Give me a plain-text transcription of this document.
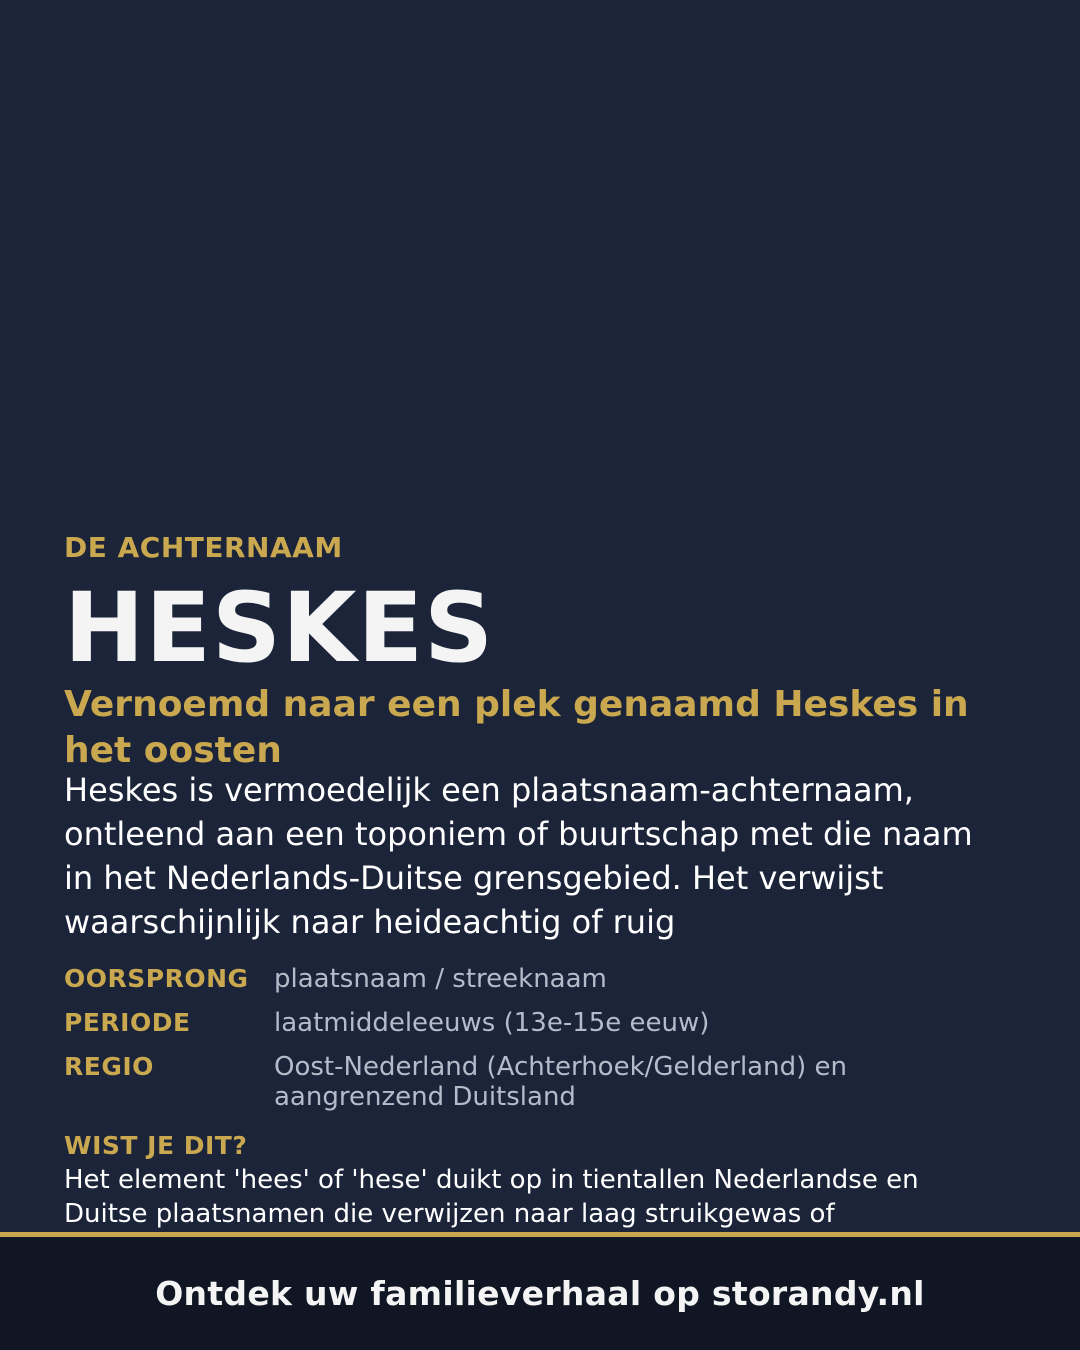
DE ACHTERNAAM
HESKES
Vernoemd naar een plek genaamd Heskes in het oosten

Heskes is vermoedelijk een plaatsnaam-achternaam, ontleend aan een toponiem of buurtschap met die naam in het Nederlands-Duitse grensgebied. Het verwijst waarschijnlijk naar heideachtig of ruig

OORSPRONG plaatsnaam / streeknaam
PERIODE	laatmiddeleeuws (13e-15e eeuw)
REGIO	Oost-Nederland (Achterhoek/Gelderland) en aangrenzend Duitsland
WIST JE DIT?
Het element 'hees' of 'hese' duikt op in tientallen Nederlandse en Duitse plaatsnamen die verwijzen naar laag struikgewas of
Ontdek uw familieverhaal op storandy.nl
